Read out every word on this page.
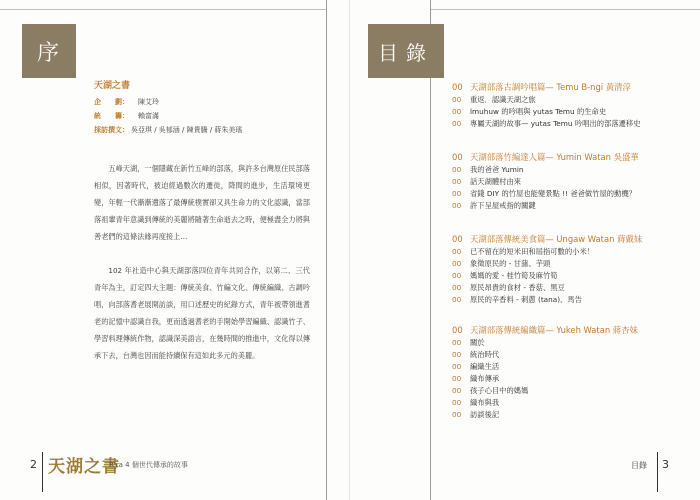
序
天湖之書
企　　劃： 陳艾玲
統　　籌： 賴富滿
採訪撰文： 吳亞琪 / 吳郁涵 / 陳貴騰 / 蔣朱美瑤

五峰天湖，一個隱藏在新竹五峰的部落，與許多台灣原住民部落相似，因著時代，被迫經過數次的遷徙，降間的進步，生活環境更變，年輕一代漸漸遺落了最傳統樸實卻又具生命力的文化認識，當部落祖輩青年意識到傳統的美麗將隨著生命逝去之時，便極盡全力將與善老們的這條法緣再度接上…

102 年社造中心與天湖部落四位青年共同合作，以第二、三代青年為主，訂定四大主題：傳統美食、竹編文化、傳統編織、古調吟唱，向部落耆老展開訪談，用口述歷史的紀錄方式，青年被帶領進耆老的記憶中認識自我，更而透過耆老的手開始學習編織、認識竹子、學習料理傳統作物，認識深美語言，在幾時間的推進中，文化得以傳承下去，台灣也因而能持續保有這如此多元的美麗。

2 天湖之書
R'ra 4 個世代傳承的故事
目錄
目錄 3
00 天湖部落古調吟唱篇— Temu B-ngi 黃清淳
00 重返．認識天湖之旅
00 lmuhuw 的吟唱與 yutas Temu 的生命史
00 專屬天湖的故事— yutas Temu 吟唱出的部落遷移史
00 天湖部落竹編達人篇— Yumin Watan 吳盛華
00 我的爸爸 Yumin
00 話天湖體村由來
00 省錢 DIY 的竹屋也能變景點 !! 爸爸做竹屋的動機？
00 許下呈屋戒指的關鍵
00 天湖部落傳統美食篇— Ungaw Watan 蔣戴妹
00 已不留在的短米田和屆指可數的小米！
00 象徵原民的 - 甘藷、芋頭
00 媽媽的愛 - 桂竹筍及麻竹筍
00 原民昂貴的食材 - 香菇、黑豆
00 原民的辛香料 - 刺蔥 (tana)、馬告
00 天湖部落傳統編織篇— Yukeh Watan 蔣杏妹
00 關於
00 統治時代
00 編織生活
00 織布傳承
00 孩子心目中的媽媽
00 織布與我
00 訪談後記
